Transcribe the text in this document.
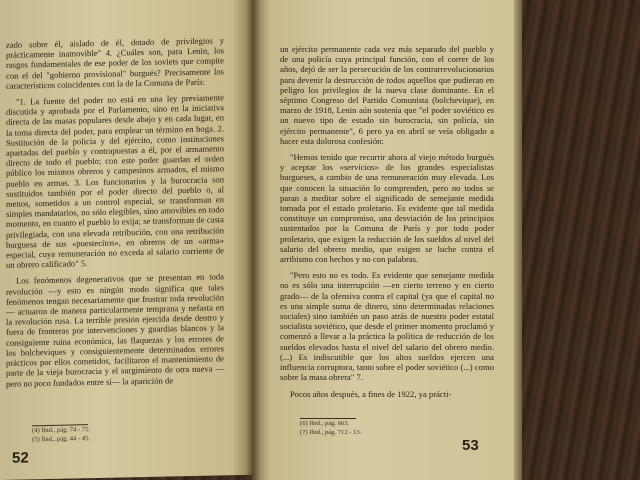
zado sobre él, aislado de él, dotado de privilegios y prácticamente inamovible" 4. ¿Cuáles son, para Lenin, los rasgos fundamentales de ese poder de los soviets que compite con el del "gobierno provisional" burgués? Precisamente los característicos coincidentes con la de la Comuna de París:

"1. La fuente del poder no está en una ley previamente discutida y aprobada por el Parlamento, sino en la iniciativa directa de las masas populares desde abajo y en cada lugar, en la toma directa del poder, para emplear un término en boga. 2. Sustitución de la policia y del ejército, como instituciones apartadas del pueblo y contrapuestas a él, por el armamento directo de todo el pueblo; con este poder guardan el orden público los mismos obreros y campesinos armados, el mismo pueblo en armas. 3. Los funcionarios y la burocracia son sustituidos también por el poder directo del pueblo o, al menos, sometidos a un control especial, se transforman en simples mandatarios, no sólo elegibles, sino amovibles en todo momento, en cuanto el pueblo lo exija; se transforman de casta privilegiada, con una elevada retribución, con una retribución burguesa de sus «puestecitos», en obreros de un «arma» especial, cuya remuneración no exceda al salario corriente de un obrero calificado" 5.

Los fenómenos degenerativos que se presentan en toda revolución —y esto es ningún modo significa que tales fenómenos tengan necesariamente que frustrar toda revolución— actuaron de manera particularmente temprana y nefasta en la revolución rusa. La terrible presión ejercida desde dentro y fuera de fronteras por intervenciones y guardias blancos y la consiguiente ruina económica, las flaquezas y los errores de los bolcheviques y consiguientemente determinados errores prácticos por ellos cometidos, facilitaron el mantenimiento de parte de la vieja burocracia y el surgimiento de otra nueva —pero no poco fundados entre sí— la aparición de

(4) Ibid., pág. 74 - 75.
(5) Ibid., pág. 44 - 45.
52

un ejército permanente cada vez más separado del pueblo y de una policía cuya principal función, con el correr de los años, dejó de ser la persecución de los contrarrevolucionarios para devenir la destrucción de todos aquellos que pudieran en peligro los privilegios de la nueva clase dominante. En el séptimo Congreso del Partido Comunista (bolchevique), en marzo de 1918, Lenin aún sostenía que "el poder soviético es un nuevo tipo de estado sin burocracia, sin policía, sin ejército permanente", 6 pero ya en abril se veía obligado a hacer esta dolorosa confesión:

"Hemos tenido que recurrir ahora al viejo método burgués y aceptar los «servicios» de los grandes especialistas burgueses, a cambio de una remuneración muy elevada. Los que conocen la situación lo comprenden, pero no todos se paran a meditar sobre el significado de semejante medida tomada por el estado proletario. Es evidente que tal medida constituye un compromiso, una desviación de los principios sustentados por la Comuna de París y por todo poder proletario, que exigen la reducción de los sueldos al nivel del salario del obrero medio, que exigen se luche contra el arribismo con hechos y no con palabras.

"Pero esto no es todo. Es evidente que semejante medida no es sólo una interrupción —en cierto terreno y en cierto grado— de la ofensiva contra el capital (ya que el capital no es una simple suma de dinero, sino determinadas relaciones sociales) sino también un paso atrás de nuestro poder estatal socialista soviético, que desde el primer momento proclamó y comenzó a llevar a la práctica la política de reducción de los sueldos elevados hasta el nivel del salario del obrero medio. (...) Es indiscutible que los altos sueldos ejercen una influencia corruptora, tanto sobre el poder soviético (...) como sobre la masa obrera" 7.

Pocos años después, a fines de 1922, ya prácti-

(6) Ibid., pág. 663.
(7) Ibid., pág. 712 - 13.
53
